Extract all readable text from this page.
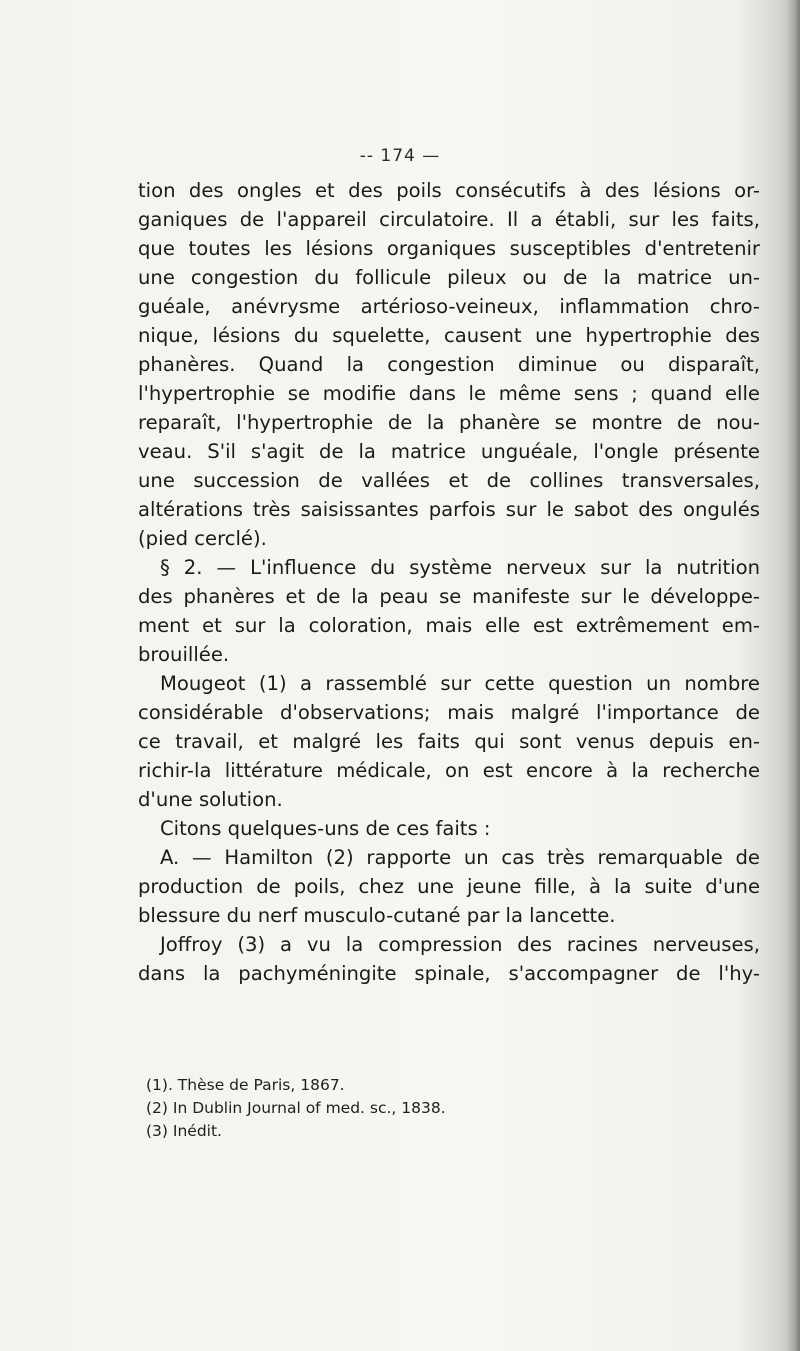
-- 174 —
tion des ongles et des poils consécutifs à des lésions or-
ganiques de l'appareil circulatoire. Il a établi, sur les faits,
que toutes les lésions organiques susceptibles d'entretenir
une congestion du follicule pileux ou de la matrice un-
guéale, anévrysme artérioso-veineux, inflammation chro-
nique, lésions du squelette, causent une hypertrophie des
phanères. Quand la congestion diminue ou disparaît,
l'hypertrophie se modifie dans le même sens ; quand elle
reparaît, l'hypertrophie de la phanère se montre de nou-
veau. S'il s'agit de la matrice unguéale, l'ongle présente
une succession de vallées et de collines transversales,
altérations très saisissantes parfois sur le sabot des ongulés
(pied cerclé).
§ 2. — L'influence du système nerveux sur la nutrition
des phanères et de la peau se manifeste sur le développe-
ment et sur la coloration, mais elle est extrêmement em-
brouillée.
Mougeot (1) a rassemblé sur cette question un nombre
considérable d'observations; mais malgré l'importance de
ce travail, et malgré les faits qui sont venus depuis en-
richir-la littérature médicale, on est encore à la recherche
d'une solution.
Citons quelques-uns de ces faits :
A. — Hamilton (2) rapporte un cas très remarquable de
production de poils, chez une jeune fille, à la suite d'une
blessure du nerf musculo-cutané par la lancette.
Joffroy (3) a vu la compression des racines nerveuses,
dans la pachyméningite spinale, s'accompagner de l'hy-
(1). Thèse de Paris, 1867.
(2) In Dublin Journal of med. sc., 1838.
(3) Inédit.
